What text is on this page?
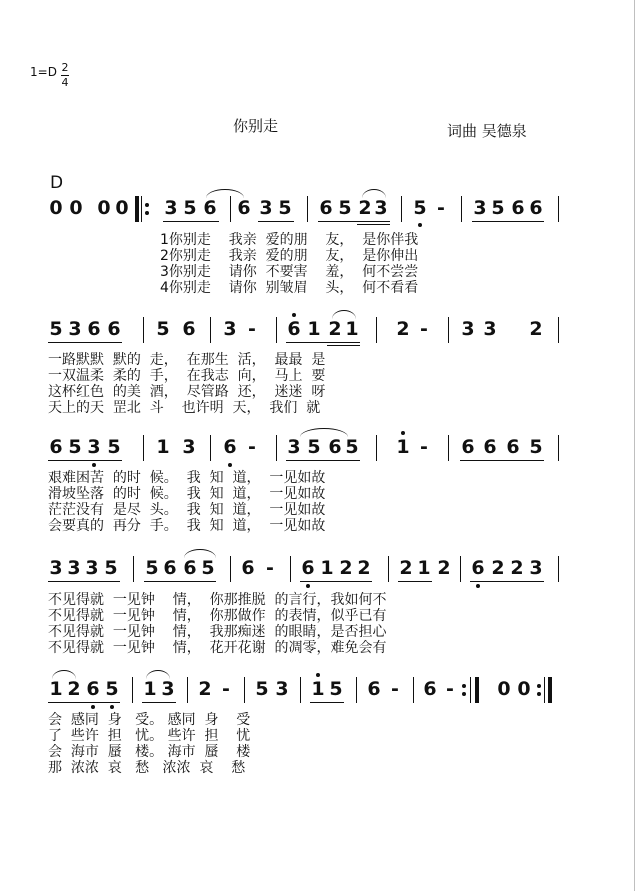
1=D 2
4
你别走	词曲 吴德泉
D
0 0 0 0 3 5 6 6 3 5 6 5 2 3 5 - 3 5 6 6
1你别走    我亲  爱的朋    友，  是你伴我
2你别走    我亲  爱的朋    友，  是你伸出
3你别走    请你  不要害    羞，  何不尝尝
4你别走    请你  别皱眉    头，  何不看看
5 3 6 6 5 6 3 - 6 1 2 1 2 - 3 3 2
一路默默  默的  走，  在那生  活，  最最  是
一双温柔  柔的  手，  在我志  向，  马上  要
这杯红色  的美  酒，  尽管路  还，  迷迷  呀
天上的天  罡北  斗    也许明  天，  我们  就
6 5 3 5 1 3 6 - 3 5 6 5 1 - 6 6 6 5
艰难困苦  的时  候。  我  知  道，  一见如故
滑坡坠落  的时  候。  我  知  道，  一见如故
茫茫没有  是尽  头。  我  知  道，  一见如故
会要真的  再分  手。  我  知  道，  一见如故
3 3 3 5 5 6 6 5 6 - 6 1 2 2 2 1 2 6 2 2 3
不见得就  一见钟    情，  你那推脱  的言行，我如何不
不见得就  一见钟    情，  你那做作  的表情，似乎已有
不见得就  一见钟    情，  我那痴迷  的眼睛，是否担心
不见得就  一见钟    情，  花开花谢  的凋零，难免会有
1 2 6 5 1 3 2 - 5 3 1 5 6 - 6 - 0 0
会  感同  身   受。 感同  身    受
了  些许  担   忧。 些许  担    忧
会  海市  蜃   楼。 海市  蜃    楼
那  浓浓  哀   愁   浓浓  哀    愁
